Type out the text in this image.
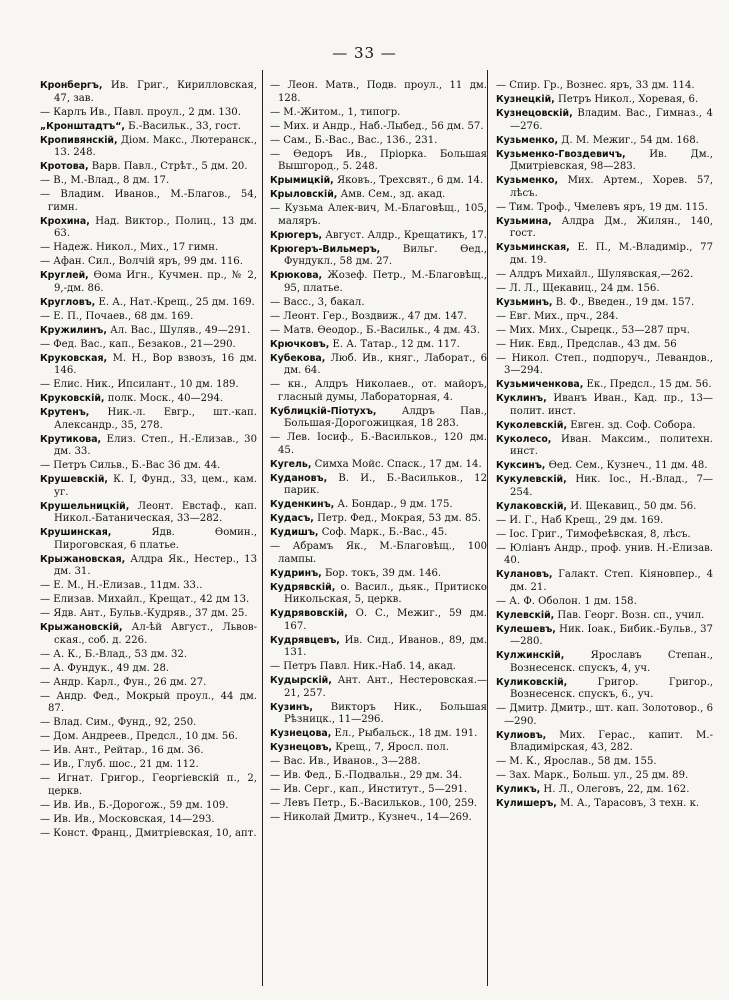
— 33 —
Кронбергъ, Ив. Григ., Кирилловская, 47, зав.
— Карлъ Ив., Павл. проул., 2 дм. 130.
„Кронштадтъ“, Б.-Васильк., 33, гост.
Кропивянскій, Діом. Макс., Лютеранск., 13. 248.
Кротова, Варв. Павл., Стрѣт., 5 дм. 20.
— В., М.-Влад., 8 дм. 17.
— Владим. Иванов., М.-Благов., 54, гимн.
Крохина, Над. Виктор., Полиц., 13 дм. 63.
— Надеж. Никол., Мих., 17 гимн.
— Афан. Сил., Волчій яръ, 99 дм. 116.
Круглей, Ѳома Игн., Кучмен. пр., № 2, 9,-дм. 86.
Кругловъ, Е. А., Нат.-Крещ., 25 дм. 169.
— Е. П., Почаев., 68 дм. 169.
Кружилинъ, Ал. Вас., Шуляв., 49—291.
— Фед. Вас., кап., Безаков., 21—290.
Круковская, М. Н., Вор взвозъ, 16 дм. 146.
— Елис. Ник., Ипсилант., 10 дм. 189.
Круковскій, полк. Моск., 40—294.
Крутенъ, Ник.-л. Евгр., шт.-кап. Александр., 35, 278.
Крутикова, Елиз. Степ., Н.-Елизав., 30 дм. 33.
— Петръ Сильв., Б.-Вас 36 дм. 44.
Крушевскій, К. I, Фунд., 33, цем., кам. уг.
Крушельницкій, Леонт. Евстаф., кап. Никол.-Батаническая, 33—282.
Крушинская,	Ядв. Ѳомин., Пироговская, 6 платье.
Крыжановская, Алдра Як., Нестер., 13 дм. 31.
— Е. М., Н.-Елизав., 11дм. 33..
— Елизав. Михайл., Крещат., 42 дм 13.
— Ядв. Ант., Бульв.-Кудряв., 37 дм. 25.
Крыжановскій, Ал-ѣй Август., Львов-ская., соб. д. 226.
— А. К., Б.-Влад., 53 дм. 32.
— А. Фундук., 49 дм. 28.
— Андр. Карл., Фун., 26 дм. 27.
— Андр. Фед., Мокрый проул., 44 дм. 87.
— Влад. Сим., Фунд., 92, 250.
— Дом. Андреев., Предсл., 10 дм. 56.
— Ив. Ант., Рейтар., 16 дм. 36.
— Ив., Глуб. шос., 21 дм. 112.
— Игнат. Григор., Георгіевскій п., 2, церкв.
— Ив. Ив., Б.-Дорогож., 59 дм. 109.
— Ив. Ив., Московская, 14—293.
— Конст. Франц., Дмитріевская, 10, апт.
— Леон. Матв., Подв. проул., 11 дм. 128.
— М.-Житом., 1, типогр.
— Мих. и Андр., Наб.-Лыбед., 56 дм. 57.
— Сам., Б.-Вас., Вас., 136., 231.
— Ѳедоръ Ив., Пріорка. Большая Вышгород., 5. 248.
Крымицкій, Яковъ., Трехсвят., 6 дм. 14.
Крыловскій, Амв. Сем., зд. акад.
— Кузьма Алек-вич, М.-Благовѣщ., 105, маляръ.
Крюгеръ, Август. Алдр., Крещатикъ, 17.
Крюгеръ-Вильмеръ, Вильг. Ѳед., Фундукл., 58 дм. 27.
Крюкова, Жозеф. Петр., М.-Благовѣщ., 95, платье.
— Васс., 3, бакал.
— Леонт. Гер., Воздвиж., 47 дм. 147.
— Матв. Ѳеодор., Б.-Васильк., 4 дм. 43.
Крючковъ, Е. А. Татар., 12 дм. 117.
Кубекова, Люб. Ив., княг., Лаборат., 6 дм. 64.
— кн., Алдръ Николаев., от. майоръ, гласный думы, Лабораторная, 4.
Кублицкій-Піотухъ, Алдръ Пав., Большая-Дорогожицкая, 18 283.
— Лев. Іосиф., Б.-Васильков., 120 дм. 45.
Кугель, Симха Мойс. Спаск., 17 дм. 14.
Кудановъ, В. И., Б.-Васильков., 12 парик.
Куденкинъ, А. Бондар., 9 дм. 175.
Кудасъ, Петр. Фед., Мокрая, 53 дм. 85.
Кудишъ, Соф. Марк., Б.-Вас., 45.
— Абрамъ Як., М.-Благовѣщ., 100 лампы.
Кудринъ, Бор. токъ, 39 дм. 146.
Кудрявскій, о. Васил., дьяк., Притиско Никольская, 5, церкв.
Кудрявовскій, О. С., Межиг., 59 дм. 167.
Кудрявцевъ, Ив. Сид., Иванов., 89, дм. 131.
— Петръ Павл. Ник.-Наб. 14, акад.
Кудырскій, Ант. Ант., Нестеровская.—21, 257.
Кузинъ, Викторъ Ник., Большая Рѣзницк., 11—296.
Кузнецова, Ел., Рыбальск., 18 дм. 191.
Кузнецовъ, Крещ., 7, Яросл. пол.
— Вас. Ив., Иванов., 3—288.
— Ив. Фед., Б.-Подвальн., 29 дм. 34.
— Ив. Серг., кап., Институт., 5—291.
— Левъ Петр., Б.-Васильков., 100, 259.
— Николай Дмитр., Кузнеч., 14—269.
— Спир. Гр., Вознес. яръ, 33 дм. 114.
Кузнецкій, Петръ Никол., Хоревая, 6.
Кузнецовскій, Владим. Вас., Гимназ., 4—276.
Кузьменко, Д. М. Межиг., 54 дм. 168.
Кузьменко-Гвоздевичъ, Ив. Дм., Дмитріевская, 98—283.
Кузьменко, Мих. Артем., Хорев. 57, лѣсъ.
— Тим. Троф., Чмелевъ яръ, 19 дм. 115.
Кузьмина, Алдра Дм., Жилян., 140, гост.
Кузьминская, Е. П., М.-Владимір., 77 дм. 19.
— Алдръ Михайл., Шулявская,—262.
— Л. Л., Щекавиц., 24 дм. 156.
Кузьминъ, В. Ф., Введен., 19 дм. 157.
— Евг. Мих., прч., 284.
— Мих. Мих., Сырецк., 53—287 прч.
— Ник. Евд., Предслав., 43 дм. 56
— Никол. Степ., подпоруч., Левандов., 3—294.
Кузьмиченкова, Ек., Предсл., 15 дм. 56.
Куклинъ, Иванъ Иван., Кад. пр., 13—полит. инст.
Куколевскій, Евген. зд. Соф. Собора.
Куколесо, Иван. Максим., политехн. инст.
Куксинъ, Ѳед. Сем., Кузнеч., 11 дм. 48.
Кукулевскій, Ник. Іос., Н.-Влад., 7—254.
Кулаковскій, И. Щекавиц., 50 дм. 56.
— И. Г., Наб Крещ., 29 дм. 169.
— Іос. Григ., Тимофеѣвская, 8, лѣсъ.
— Юліанъ Андр., проф. унив. Н.-Елизав. 40.
Кулановъ, Галакт. Степ. Кіяновпер., 4 дм. 21.
— А. Ф. Оболон. 1 дм. 158.
Кулевскій, Пав. Георг. Возн. сп., учил.
Кулешевъ, Ник. Іоак., Бибик.-Бульв., 37—280.
Кулжинскій,	Ярославъ Степан., Вознесенск. спускъ, 4, уч.
Куликовскій,	Григор. Григор., Вознесенск. спускъ, 6., уч.
— Дмитр. Дмитр., шт. кап. Золотовор., 6—290.
Кулиовъ, Мих. Герас., капит. М.-Владимірская, 43, 282.
— М. К., Ярослав., 58 дм. 155.
— Зах. Марк., Больш. ул., 25 дм. 89.
Куликъ, Н. Л., Олеговъ, 22, дм. 162.
Кулишеръ, М. А., Тарасовъ, 3 техн. к.
